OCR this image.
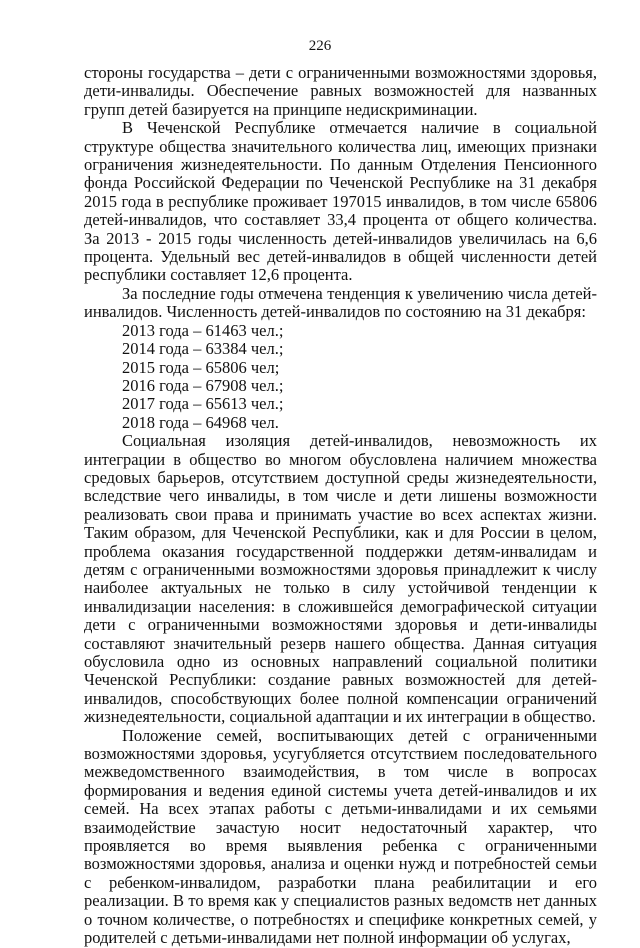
226

стороны государства – дети с ограниченными возможностями здоровья, дети-инвалиды. Обеспечение равных возможностей для названных групп детей базируется на принципе недискриминации.

В Чеченской Республике отмечается наличие в социальной структуре общества значительного количества лиц, имеющих признаки ограничения жизнедеятельности. По данным Отделения Пенсионного фонда Российской Федерации по Чеченской Республике на 31 декабря 2015 года в республике проживает 197015 инвалидов, в том числе 65806 детей-инвалидов, что составляет 33,4 процента от общего количества. За 2013 - 2015 годы численность детей-инвалидов увеличилась на 6,6 процента. Удельный вес детей-инвалидов в общей численности детей республики составляет 12,6 процента.

За последние годы отмечена тенденция к увеличению числа детей-инвалидов. Численность детей-инвалидов по состоянию на 31 декабря:

2013 года – 61463 чел.;
2014 года – 63384 чел.;
2015 года – 65806 чел;
2016 года – 67908 чел.;
2017 года – 65613 чел.;
2018 года – 64968 чел.

Социальная изоляция детей-инвалидов, невозможность их интеграции в общество во многом обусловлена наличием множества средовых барьеров, отсутствием доступной среды жизнедеятельности, вследствие чего инвалиды, в том числе и дети лишены возможности реализовать свои права и принимать участие во всех аспектах жизни. Таким образом, для Чеченской Республики, как и для России в целом, проблема оказания государственной поддержки детям-инвалидам и детям с ограниченными возможностями здоровья принадлежит к числу наиболее актуальных не только в силу устойчивой тенденции к инвалидизации населения: в сложившейся демографической ситуации дети с ограниченными возможностями здоровья и дети-инвалиды составляют значительный резерв нашего общества. Данная ситуация обусловила одно из основных направлений социальной политики Чеченской Республики: создание равных возможностей для детей-инвалидов, способствующих более полной компенсации ограничений жизнедеятельности, социальной адаптации и их интеграции в общество.

Положение семей, воспитывающих детей с ограниченными возможностями здоровья, усугубляется отсутствием последовательного межведомственного взаимодействия, в том числе в вопросах формирования и ведения единой системы учета детей-инвалидов и их семей. На всех этапах работы с детьми-инвалидами и их семьями взаимодействие зачастую носит недостаточный характер, что проявляется во время выявления ребенка с ограниченными возможностями здоровья, анализа и оценки нужд и потребностей семьи с ребенком-инвалидом, разработки плана реабилитации и его реализации. В то время как у специалистов разных ведомств нет данных о точном количестве, о потребностях и специфике конкретных семей, у родителей с детьми-инвалидами нет полной информации об услугах,
